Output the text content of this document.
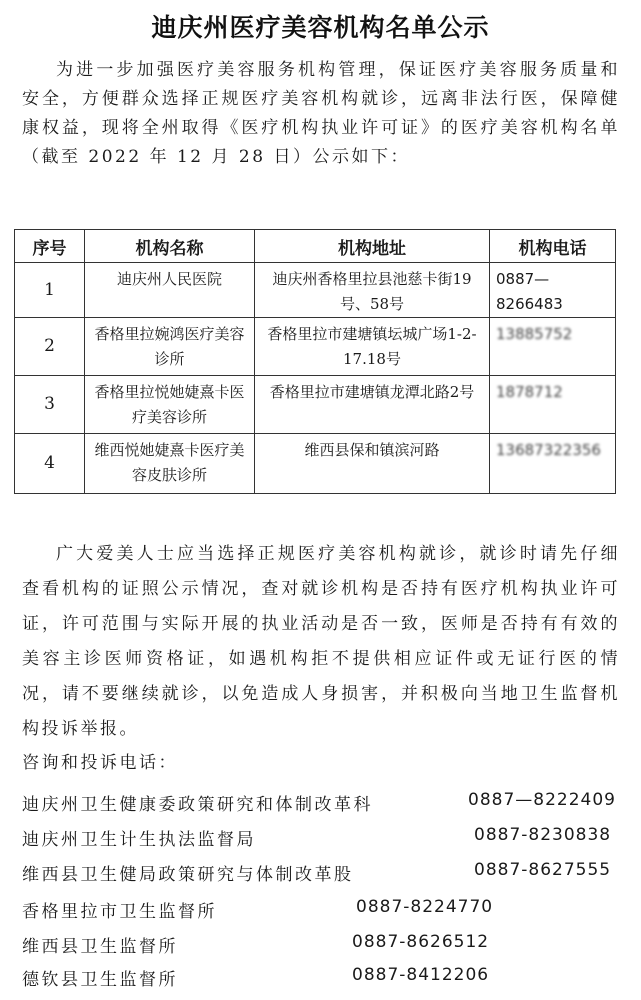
迪庆州医疗美容机构名单公示
为进一步加强医疗美容服务机构管理，保证医疗美容服务质量和安全，方便群众选择正规医疗美容机构就诊，远离非法行医，保障健康权益，现将全州取得《医疗机构执业许可证》的医疗美容机构名单（截至 2022 年 12 月 28 日）公示如下：
序号	机构名称	机构地址	机构电话
1	迪庆州人民医院	迪庆州香格里拉县池慈卡街19号、58号	0887—8266483
2	香格里拉婉鸿医疗美容诊所	香格里拉市建塘镇坛城广场1-2-17.18号	13885752
3	香格里拉悦她婕熹卡医疗美容诊所	香格里拉市建塘镇龙潭北路2号	1878712
4	维西悦她婕熹卡医疗美容皮肤诊所	维西县保和镇滨河路	13687322356
广大爱美人士应当选择正规医疗美容机构就诊，就诊时请先仔细查看机构的证照公示情况，查对就诊机构是否持有医疗机构执业许可证，许可范围与实际开展的执业活动是否一致，医师是否持有有效的美容主诊医师资格证，如遇机构拒不提供相应证件或无证行医的情况，请不要继续就诊，以免造成人身损害，并积极向当地卫生监督机构投诉举报。
咨询和投诉电话：
迪庆州卫生健康委政策研究和体制改革科	0887—8222409
迪庆州卫生计生执法监督局	0887-8230838
维西县卫生健局政策研究与体制改革股	0887-8627555
香格里拉市卫生监督所	0887-8224770
维西县卫生监督所	0887-8626512
德钦县卫生监督所	0887-8412206
